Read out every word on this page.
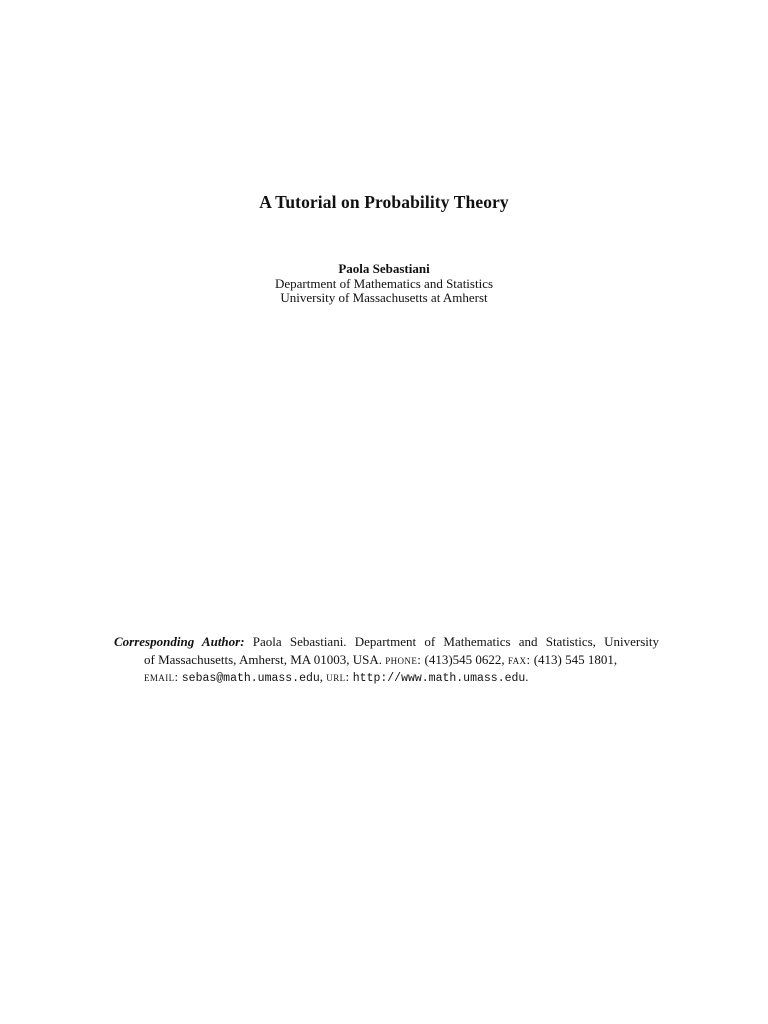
A Tutorial on Probability Theory
Paola Sebastiani
Department of Mathematics and Statistics
University of Massachusetts at Amherst
Corresponding Author: Paola Sebastiani. Department of Mathematics and Statistics, University
of Massachusetts, Amherst, MA 01003, USA. phone: (413)545 0622, fax: (413) 545 1801,
email: sebas@math.umass.edu, url: http://www.math.umass.edu.
